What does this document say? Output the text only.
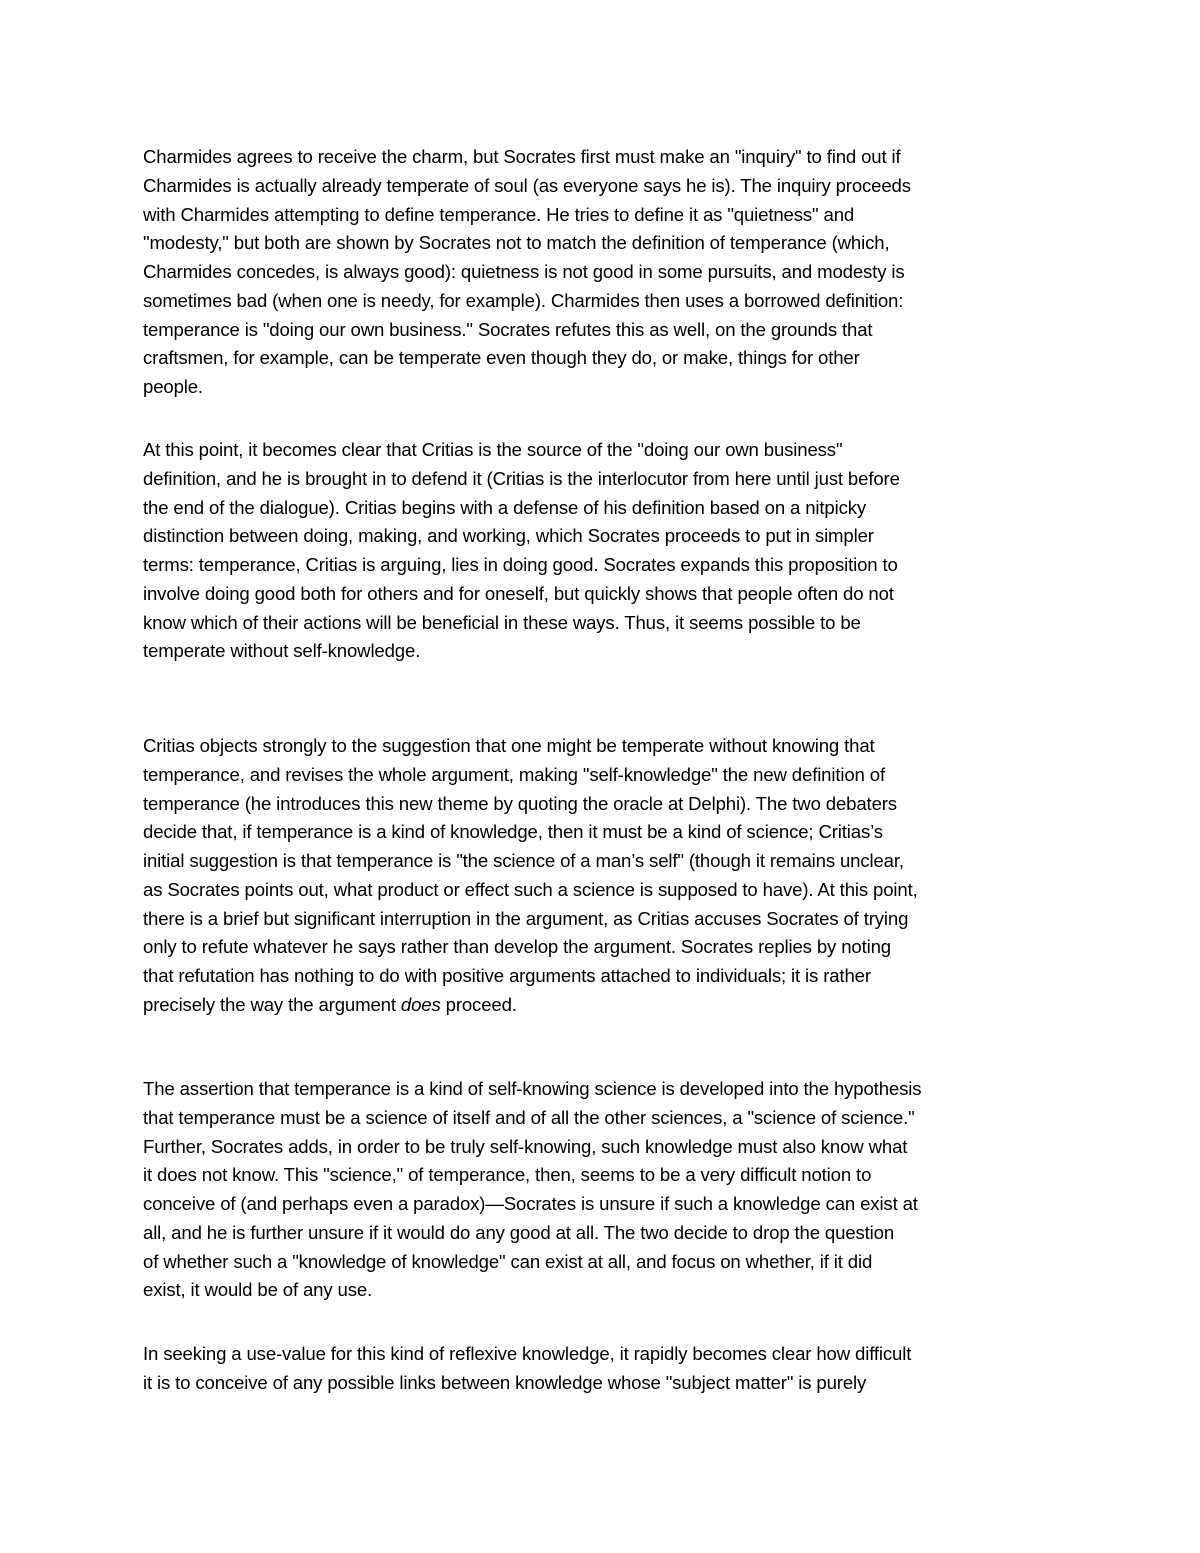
Charmides agrees to receive the charm, but Socrates first must make an "inquiry" to find out if
Charmides is actually already temperate of soul (as everyone says he is). The inquiry proceeds
with Charmides attempting to define temperance. He tries to define it as "quietness" and
"modesty," but both are shown by Socrates not to match the definition of temperance (which,
Charmides concedes, is always good): quietness is not good in some pursuits, and modesty is
sometimes bad (when one is needy, for example). Charmides then uses a borrowed definition:
temperance is "doing our own business." Socrates refutes this as well, on the grounds that
craftsmen, for example, can be temperate even though they do, or make, things for other
people.

At this point, it becomes clear that Critias is the source of the "doing our own business"
definition, and he is brought in to defend it (Critias is the interlocutor from here until just before
the end of the dialogue). Critias begins with a defense of his definition based on a nitpicky
distinction between doing, making, and working, which Socrates proceeds to put in simpler
terms: temperance, Critias is arguing, lies in doing good. Socrates expands this proposition to
involve doing good both for others and for oneself, but quickly shows that people often do not
know which of their actions will be beneficial in these ways. Thus, it seems possible to be
temperate without self-knowledge.

Critias objects strongly to the suggestion that one might be temperate without knowing that
temperance, and revises the whole argument, making "self-knowledge" the new definition of
temperance (he introduces this new theme by quoting the oracle at Delphi). The two debaters
decide that, if temperance is a kind of knowledge, then it must be a kind of science; Critias’s
initial suggestion is that temperance is "the science of a man’s self" (though it remains unclear,
as Socrates points out, what product or effect such a science is supposed to have). At this point,
there is a brief but significant interruption in the argument, as Critias accuses Socrates of trying
only to refute whatever he says rather than develop the argument. Socrates replies by noting
that refutation has nothing to do with positive arguments attached to individuals; it is rather
precisely the way the argument does proceed.

The assertion that temperance is a kind of self-knowing science is developed into the hypothesis
that temperance must be a science of itself and of all the other sciences, a "science of science."
Further, Socrates adds, in order to be truly self-knowing, such knowledge must also know what
it does not know. This "science," of temperance, then, seems to be a very difficult notion to
conceive of (and perhaps even a paradox)—Socrates is unsure if such a knowledge can exist at
all, and he is further unsure if it would do any good at all. The two decide to drop the question
of whether such a "knowledge of knowledge" can exist at all, and focus on whether, if it did
exist, it would be of any use.

In seeking a use-value for this kind of reflexive knowledge, it rapidly becomes clear how difficult
it is to conceive of any possible links between knowledge whose "subject matter" is purely
